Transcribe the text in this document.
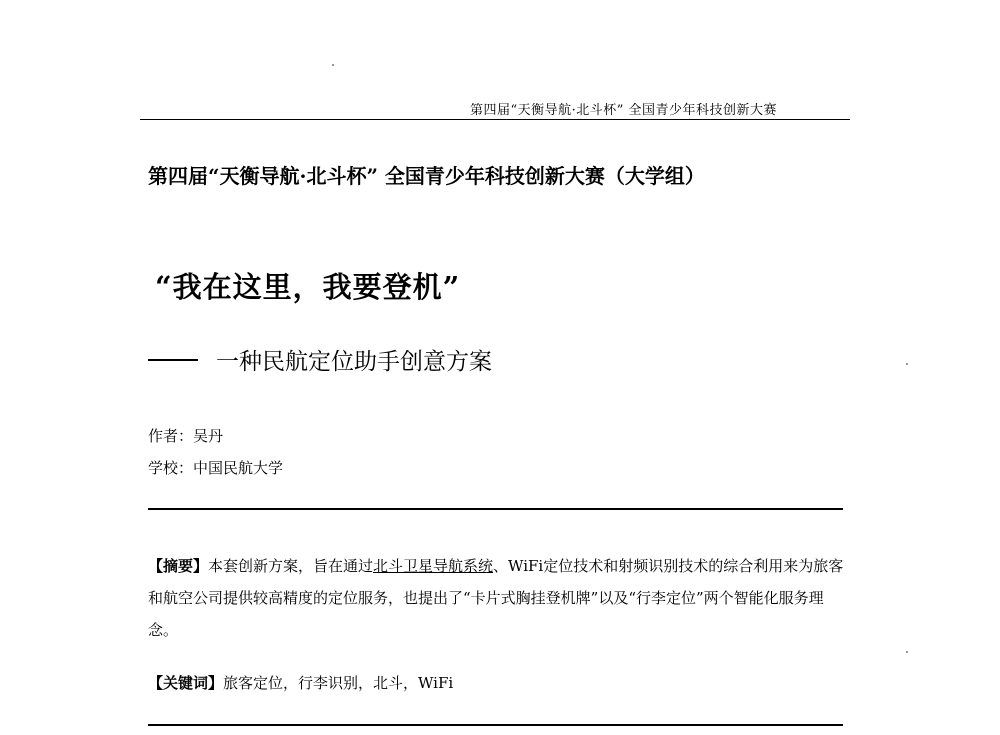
第四届“天衡导航·北斗杯” 全国青少年科技创新大赛
第四届“天衡导航·北斗杯” 全国青少年科技创新大赛（大学组）
“我在这里，我要登机”
一种民航定位助手创意方案
作者：吴丹
学校：中国民航大学
【摘要】本套创新方案，旨在通过北斗卫星导航系统、WiFi定位技术和射频识别技术的综合利用来为旅客和航空公司提供较高精度的定位服务，也提出了“卡片式胸挂登机牌”以及“行李定位”两个智能化服务理念。
【关键词】旅客定位，行李识别，北斗，WiFi
